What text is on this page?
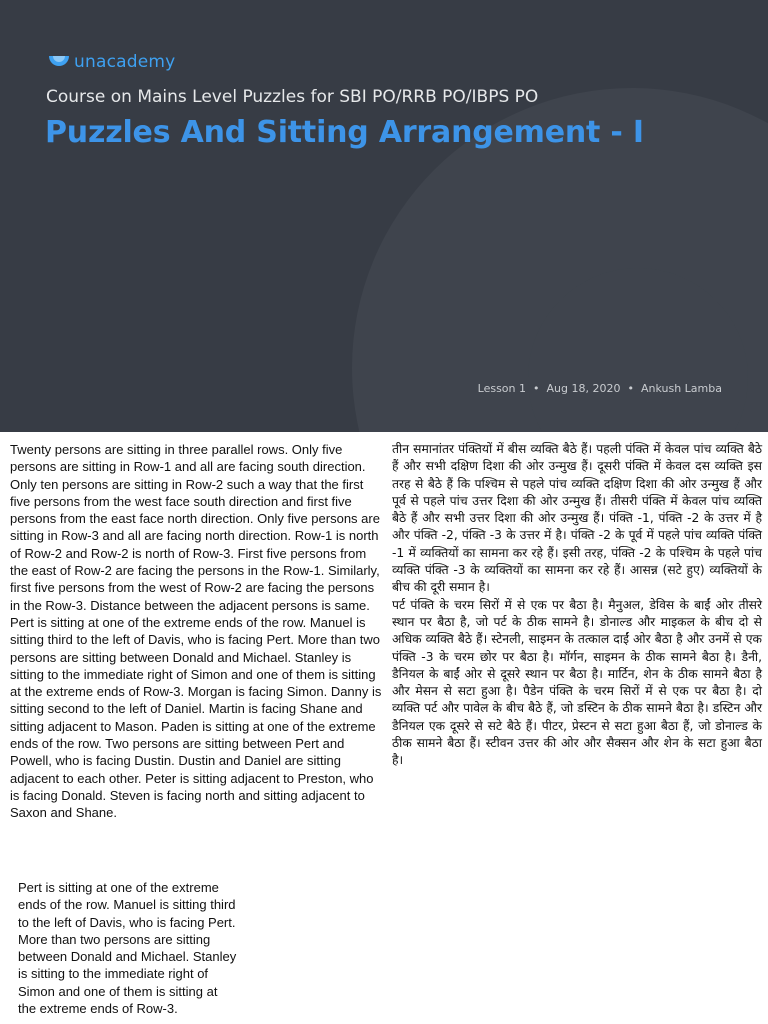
unacademy
Course on Mains Level Puzzles for SBI PO/RRB PO/IBPS PO
Puzzles And Sitting Arrangement - I
Lesson 1 • Aug 18, 2020 • Ankush Lamba

Twenty persons are sitting in three parallel rows. Only five persons are sitting in Row-1 and all are facing south direction. Only ten persons are sitting in Row-2 such a way that the first five persons from the west face south direction and first five persons from the east face north direction. Only five persons are sitting in Row-3 and all are facing north direction. Row-1 is north of Row-2 and Row-2 is north of Row-3. First five persons from the east of Row-2 are facing the persons in the Row-1. Similarly, first five persons from the west of Row-2 are facing the persons in the Row-3. Distance between the adjacent persons is same.

Pert is sitting at one of the extreme ends of the row. Manuel is sitting third to the left of Davis, who is facing Pert. More than two persons are sitting between Donald and Michael. Stanley is sitting to the immediate right of Simon and one of them is sitting at the extreme ends of Row-3. Morgan is facing Simon. Danny is sitting second to the left of Daniel. Martin is facing Shane and sitting adjacent to Mason. Paden is sitting at one of the extreme ends of the row. Two persons are sitting between Pert and Powell, who is facing Dustin. Dustin and Daniel are sitting adjacent to each other. Peter is sitting adjacent to Preston, who is facing Donald. Steven is facing north and sitting adjacent to Saxon and Shane.

तीन समानांतर पंक्तियों में बीस व्यक्ति बैठे हैं। पहली पंक्ति में केवल पांच व्यक्ति बैठे हैं और सभी दक्षिण दिशा की ओर उन्मुख हैं। दूसरी पंक्ति में केवल दस व्यक्ति इस तरह से बैठे हैं कि पश्चिम से पहले पांच व्यक्ति दक्षिण दिशा की ओर उन्मुख हैं और पूर्व से पहले पांच उत्तर दिशा की ओर उन्मुख हैं। तीसरी पंक्ति में केवल पांच व्यक्ति बैठे हैं और सभी उत्तर दिशा की ओर उन्मुख हैं। पंक्ति -1, पंक्ति -2 के उत्तर में है और पंक्ति -2, पंक्ति -3 के उत्तर में है। पंक्ति -2 के पूर्व में पहले पांच व्यक्ति पंक्ति -1 में व्यक्तियों का सामना कर रहे हैं। इसी तरह, पंक्ति -2 के पश्चिम के पहले पांच व्यक्ति पंक्ति -3 के व्यक्तियों का सामना कर रहे हैं। आसन्न (सटे हुए) व्यक्तियों के बीच की दूरी समान है।

पर्ट पंक्ति के चरम सिरों में से एक पर बैठा है। मैनुअल, डेविस के बाईं ओर तीसरे स्थान पर बैठा है, जो पर्ट के ठीक सामने है। डोनाल्ड और माइकल के बीच दो से अधिक व्यक्ति बैठे हैं। स्टेनली, साइमन के तत्काल दाईं ओर बैठा है और उनमें से एक पंक्ति -3 के चरम छोर पर बैठा है। मॉर्गन, साइमन के ठीक सामने बैठा है। डैनी, डैनियल के बाईं ओर से दूसरे स्थान पर बैठा है। मार्टिन, शेन के ठीक सामने बैठा है और मेसन से सटा हुआ है। पैडेन पंक्ति के चरम सिरों में से एक पर बैठा है। दो व्यक्ति पर्ट और पावेल के बीच बैठे हैं, जो डस्टिन के ठीक सामने बैठा है। डस्टिन और डैनियल एक दूसरे से सटे बैठे हैं। पीटर, प्रेस्टन से सटा हुआ बैठा हैं, जो डोनाल्ड के ठीक सामने बैठा हैं। स्टीवन उत्तर की ओर और सैक्सन और शेन के सटा हुआ बैठा है।

Pert is sitting at one of the extreme ends of the row. Manuel is sitting third to the left of Davis, who is facing Pert. More than two persons are sitting between Donald and Michael. Stanley is sitting to the immediate right of Simon and one of them is sitting at the extreme ends of Row-3.
